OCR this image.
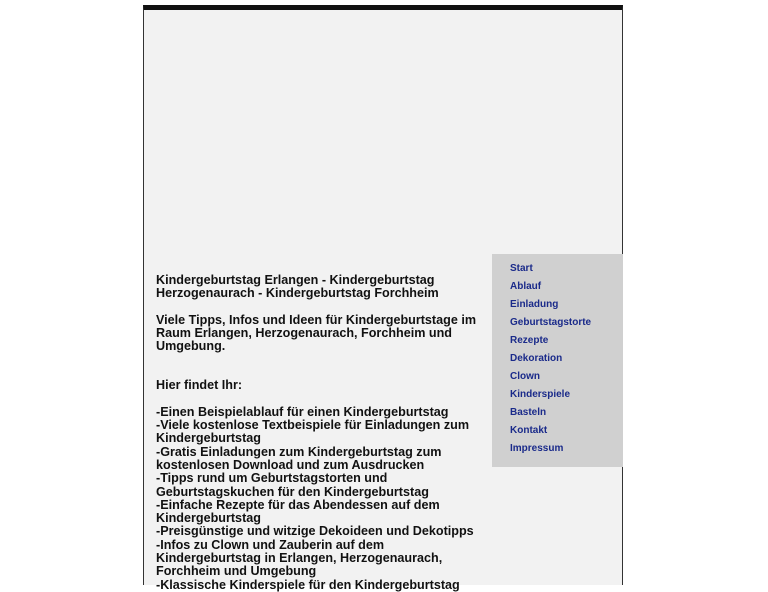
Kindergeburtstag Erlangen - Kindergeburtstag Herzogenaurach - Kindergeburtstag Forchheim

Viele Tipps, Infos und Ideen für Kindergeburtstage im Raum Erlangen, Herzogenaurach, Forchheim und Umgebung.

Hier findet Ihr:

-Einen Beispielablauf für einen Kindergeburtstag

-Viele kostenlose Textbeispiele für Einladungen zum Kindergeburtstag

-Gratis Einladungen zum Kindergeburtstag zum kostenlosen Download und zum Ausdrucken

-Tipps rund um Geburtstagstorten und Geburtstagskuchen für den Kindergeburtstag

-Einfache Rezepte für das Abendessen auf dem Kindergeburtstag

-Preisgünstige und witzige Dekoideen und Dekotipps

-Infos zu Clown und Zauberin auf dem Kindergeburtstag in Erlangen, Herzogenaurach, Forchheim und Umgebung

-Klassische Kinderspiele für den Kindergeburtstag

Start
Ablauf
Einladung
Geburtstagstorte
Rezepte
Dekoration
Clown
Kinderspiele
Basteln
Kontakt
Impressum
